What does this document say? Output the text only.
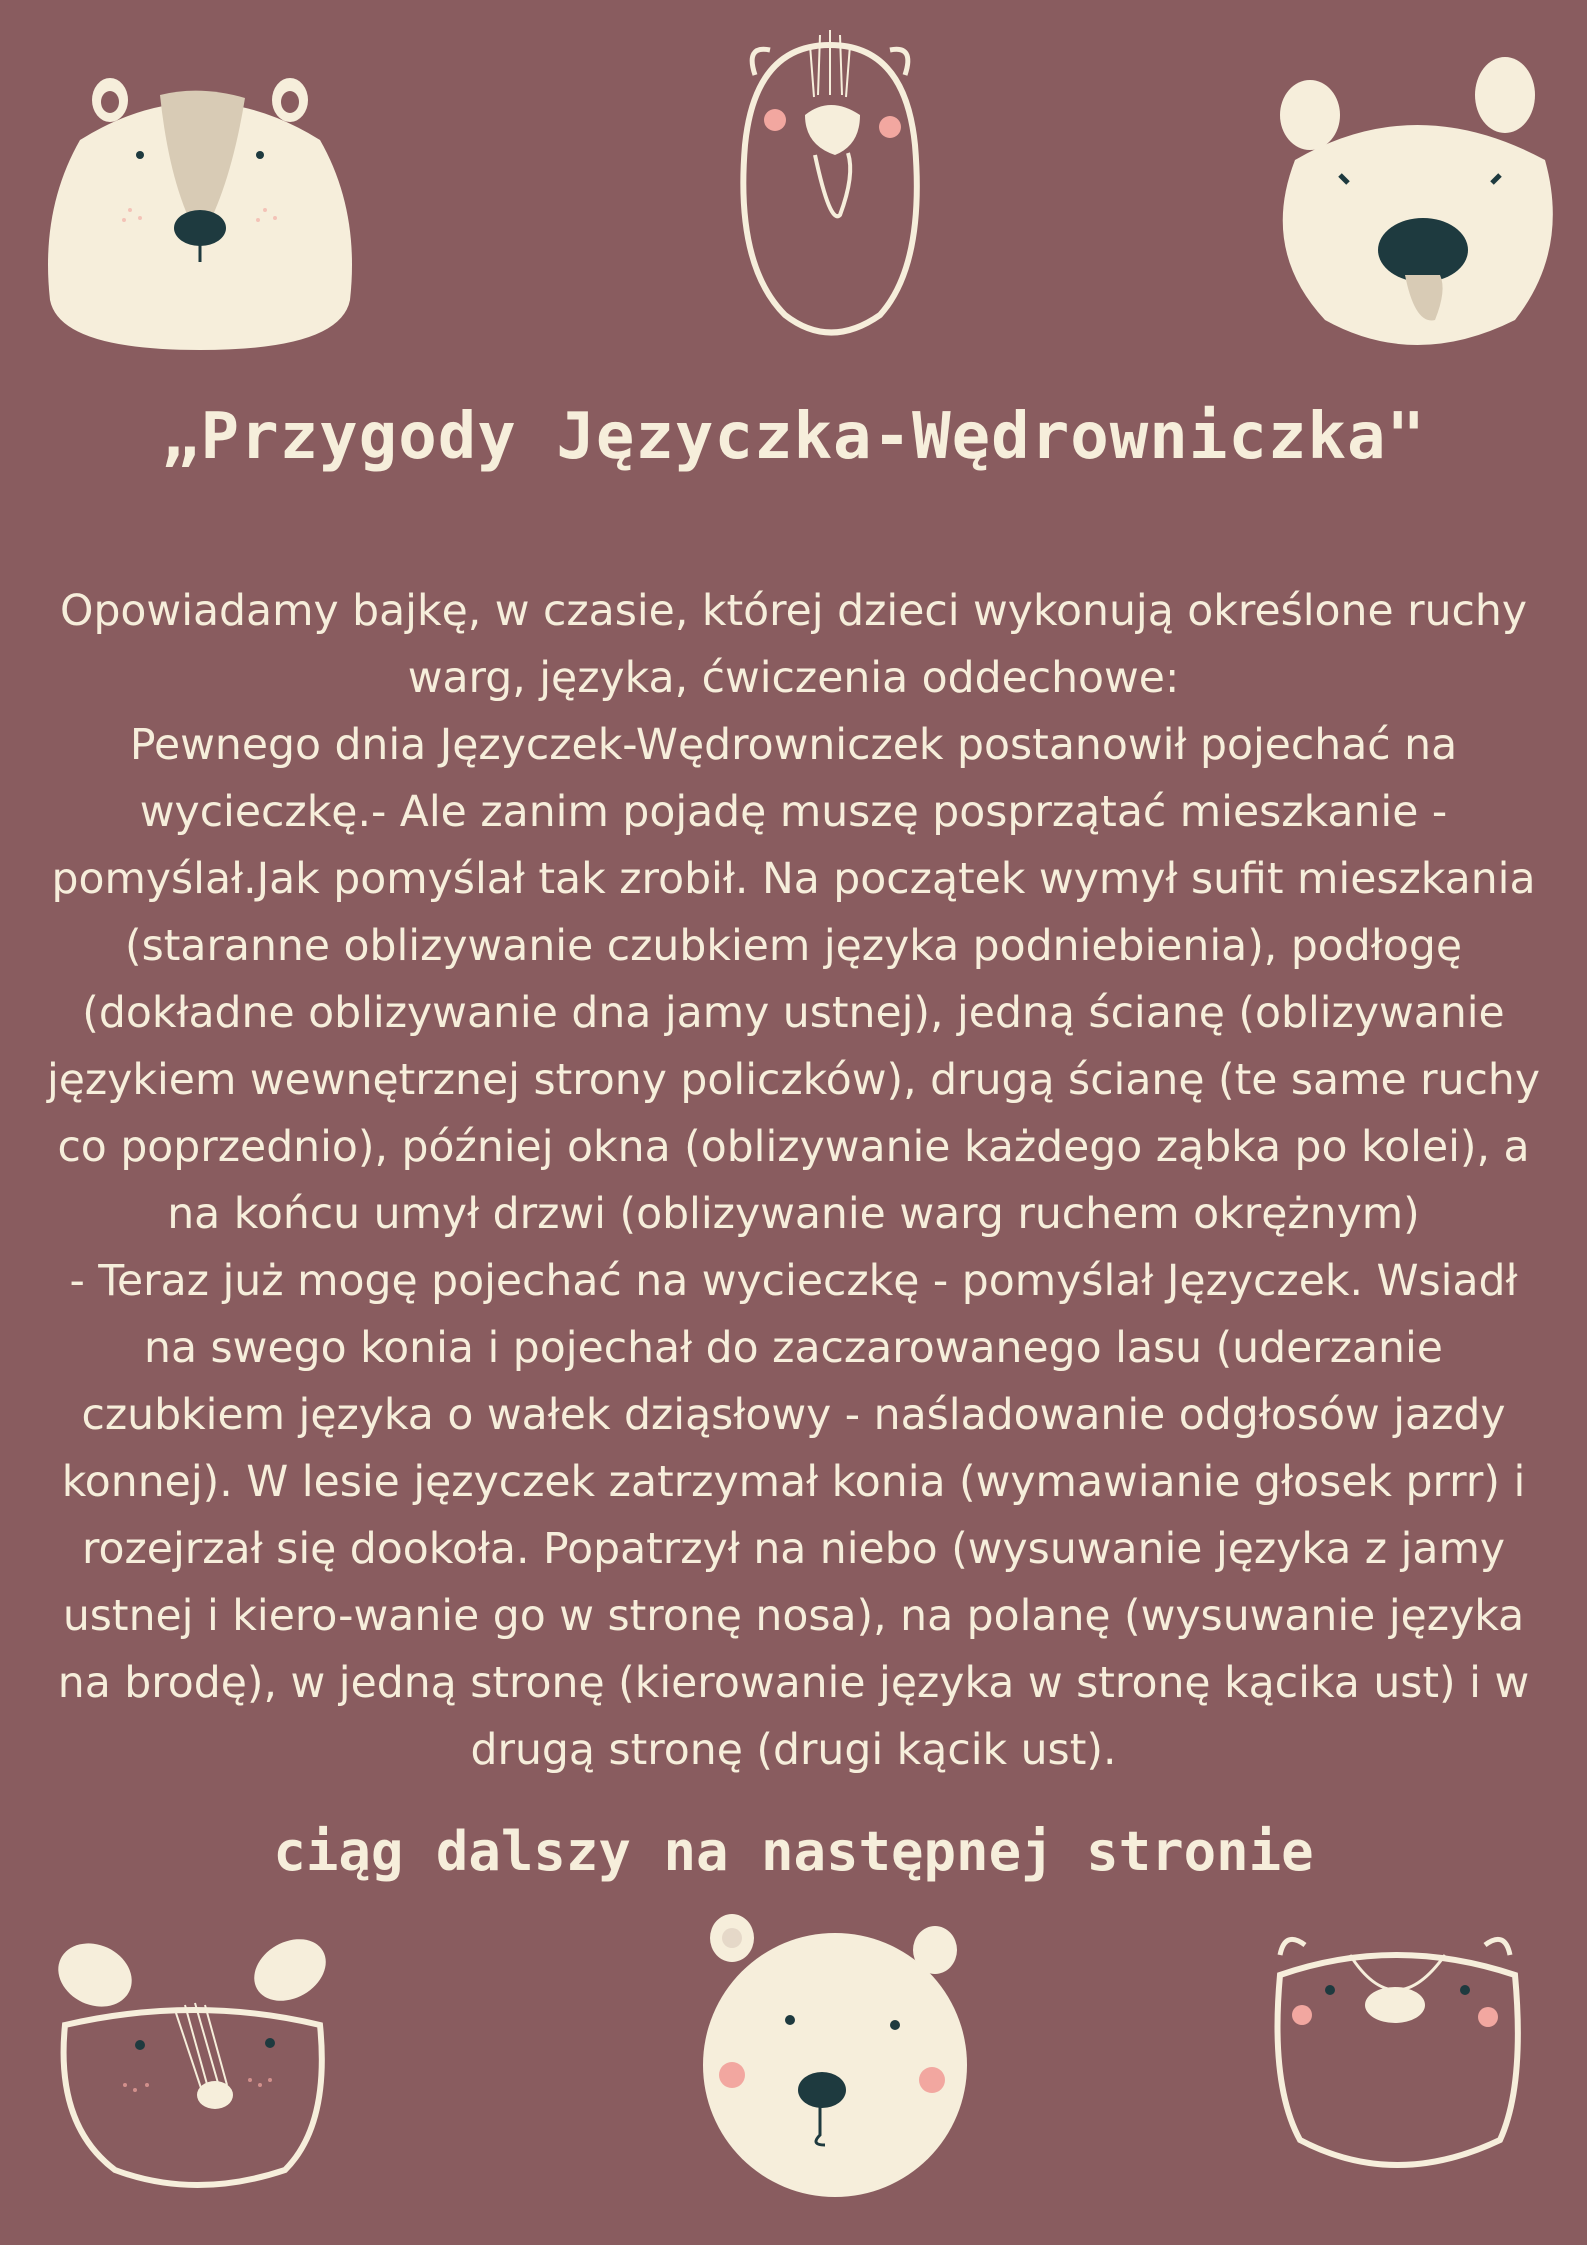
„Przygody Języczka-Wędrowniczka"

Opowiadamy bajkę, w czasie, której dzieci wykonują określone ruchy warg, języka, ćwiczenia oddechowe:

Pewnego dnia Języczek-Wędrowniczek postanowił pojechać na wycieczkę.- Ale zanim pojadę muszę posprzątać mieszkanie - pomyślał.Jak pomyślał tak zrobił. Na początek wymył sufit mieszkania (staranne oblizywanie czubkiem języka podniebienia), podłogę (dokładne oblizywanie dna jamy ustnej), jedną ścianę (oblizywanie językiem wewnętrznej strony policzków), drugą ścianę (te same ruchy co poprzednio), później okna (oblizywanie każdego ząbka po kolei), a na końcu umył drzwi (oblizywanie warg ruchem okrężnym)

- Teraz już mogę pojechać na wycieczkę - pomyślał Języczek. Wsiadł na swego konia i pojechał do zaczarowanego lasu (uderzanie czubkiem języka o wałek dziąsłowy - naśladowanie odgłosów jazdy konnej). W lesie języczek zatrzymał konia (wymawianie głosek prrr) i rozejrzał się dookoła. Popatrzył na niebo (wysuwanie języka z jamy ustnej i kiero-wanie go w stronę nosa), na polanę (wysuwanie języka na brodę), w jedną stronę (kierowanie języka w stronę kącika ust) i w drugą stronę (drugi kącik ust).

ciąg dalszy na następnej stronie
